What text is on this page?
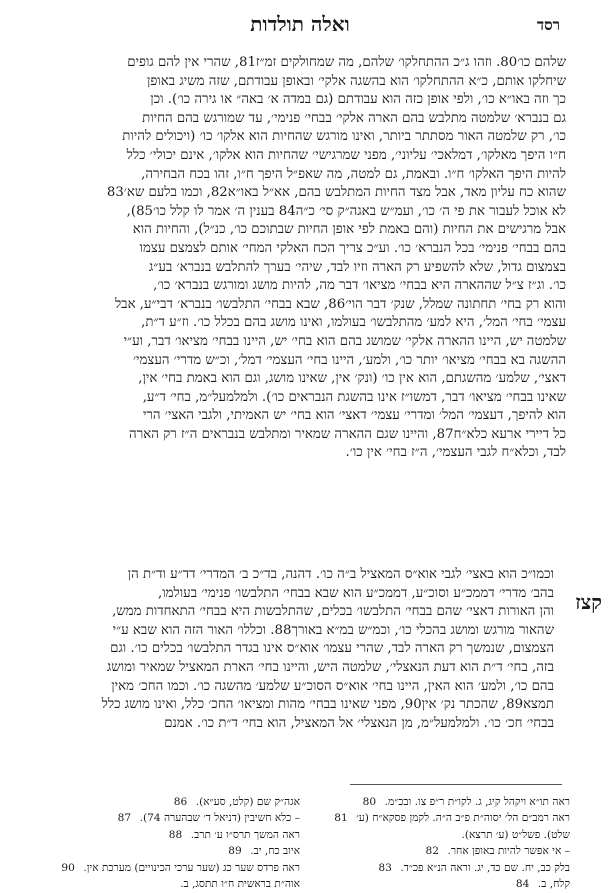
רסד
ואלה תולדות
שלהם כו׳80. וזהו ג״כ ההתחלקו׳ שלהם, מה שמחולקים זמ״ז81, שהרי אין להם גופים
שיחלקו אותם, כ״א ההתחלקו׳ הוא בהשגה אלקי׳ ובאופן עבודתם, שזה משיג באופן
כך וזה באו״א כו׳, ולפי אופן כזה הוא עבודתם (גם במדה א׳ באה״ או גירה כו׳). וכן
גם בנברא׳ שלמטה מתלבש בהם הארה אלקי׳ בבחי׳ פנימי׳, עד שמורגש בהם החיות
כו׳, רק שלמטה האור מסתתר ביותר, ואינו מורגש שהחיות הוא אלקו׳ כו׳ (ויכולים להיות
ח״ו היפך מאלקו׳, דמלאכי׳ עליוני׳, מפני שמרגישי׳ שהחיות הוא אלקו׳, אינם יכולי׳ כלל
להיות היפך האלקו׳ ח״ו. ובאמת, גם למטה, מה שאפ״ל היפך ח״ו, זהו בכח הבחירה,
שהוא כח עליון מאד, אבל מצד החיות המתלבש בהם, אא״ל באו״א82, וכמו בלעם שא׳83
לא אוכל לעבור את פי ה׳ כו׳, ועמ״ש באגה״ק סי׳ כ״ה84 בענין ה׳ אמר לו קלל כו׳85),
אבל מרגישים את החיות (והם באמת לפי אופן החיות שבתוכם כו׳, כנ״ל), והחיות הוא
בהם בבחי׳ פנימי׳ בכל הנברא׳ כו׳. וע״כ צריך הכח האלקי המחי׳ אותם לצמצם עצמו
בצמצום גדול, שלא להשפיע רק הארה וזיו לבד, שיהי׳ בערך להתלבש בנברא׳ בע״ג
כו׳. וג״ז צ״ל שההארה היא בבחי׳ מציאו׳ דבר מה, להיות מושג ומורגש בנברא׳ כו׳,
והוא רק בחי׳ תחתונה שמלל, שנק׳ דבר הוי׳86, שבא בבחי׳ התלבשו׳ בנברא׳ דבי״ע, אבל
עצמי׳ בחי׳ המל׳, היא למע׳ מהתלבשו׳ בעולמו, ואינו מושג בהם בכלל כו׳. וז״ע ד״ת,
שלמטה יש, היינו ההארה אלקי׳ שמושג בהם הוא בחי׳ יש, היינו בבחי׳ מציאו׳ דבר, וע״י
ההשגה בא בבחי׳ מציאו׳ יותר כו׳, ולמע׳, היינו בחי׳ העצמי׳ דמל׳, וכ״ש מדרי׳ העצמי׳
דאצי׳, שלמע׳ מהשגתם, הוא אין כו׳ (ונק׳ אין, שאינו מושג, וגם הוא באמת בחי׳ אין,
שאינו בבחי׳ מציאו׳ דבר, דמשו״ז אינו בהשגת הנבראים כו׳). ולמלמעל״מ, בחי׳ ד״ע,
הוא להיפך, דעצמי׳ המל׳ ומדרי׳ עצמי׳ דאצי׳ הוא בחי׳ יש האמיתי, ולגבי האצי׳ הרי
כל דיירי ארעא כלא״ח87, והיינו שגם ההארה שמאיר ומתלבש בנבראים ה״ז רק הארה
לבד, וכלא״ח לגבי העצמי׳, ה״ז בחי׳ אין כו׳.
קצז
וכמו״כ הוא באצי׳ לגבי אוא״ס המאציל ב״ה כו׳. דהנה, בד״כ ב׳ המדרי׳ דד״ע וד״ת הן
בהב׳ מדרי׳ דממכ״ע וסוכ״ע, דממכ״ע הוא שבא בבחי׳ התלבשו׳ פנימי׳ בעולמו,
והן האורות דאצי׳ שהם בבחי׳ התלבשו׳ בכלים, שהתלבשות היא בבחי׳ התאחדות ממש,
שהאור מורגש ומושג בהכלי כו׳, וכמ״ש במ״א באורך88. וכללו׳ האור הזה הוא שבא ע״י
הצמצום, שנמשך רק הארה לבד, שהרי עצמו׳ אוא״ס אינו בגדר התלבשו׳ בכלים כו׳. וגם
בזה, בחי׳ ד״ת הוא דעת הנאצלי׳, שלמטה היש, והיינו בחי׳ הארת המאציל שמאיר ומושג
בהם כו׳, ולמע׳ הוא האין, היינו בחי׳ אוא״ס הסוכ״ע שלמע׳ מהשגה כו׳. וכמו החכ׳ מאין
תמצא89, שהכתר נק׳ אין90, מפני שאינו בבחי׳ מהות ומציאו׳ החכ׳ כלל, ואינו מושג כלל
בבחי׳ חכ׳ כו׳. ולמלמעל״מ, מן הנאצלי׳ אל המאציל, הוא בחי׳ ד״ת כו׳. אמנם
ראה תו״א ויקהל קיג, ג. לקו״ת ר״פ צו. ובכ״מ.80
ראה רמב״ם הל׳ יסוה״ת פ״ב ה״ה. לקמן פסקא״ח (ע׳81
שלט). פשל״ט (ע׳ תרצא).
– אי אפשר להיות באופן אחר.82
בלק כב, יח. שם כד, יג. וראה הנ״א פכ״ד.83
קלח, ב.84
אגה״ק שם (קלט, סע״א).86
– כלא חשיבין (דניאל ד׳ שבהערה 74).87
ראה המשך תרס״ו ע׳ תרב.88
איוב כח, יב.89
ראה פרדס שער כג (שער ערכי הכינויים) מערכת אין.90
אוה״ת בראשית ח״ו תתסג, ב.
